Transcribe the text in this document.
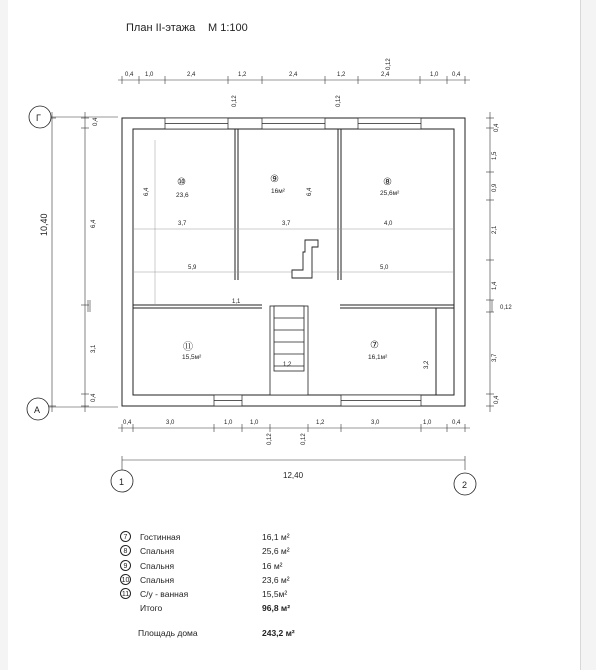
План II-этажа М 1:100
0,4 1,0	2,4	1,2	2,4	1,2	2,4	1,0 0,4
0,12
0,12	0,12
10,40
0,4
6,4
3,1
0,4
0,4
1,5
0,9
2,1
1,4
0,12
3,7
0,4
Г
А
6,4	6,4
3,7	3,7	4,0
5,9	5,0
3,2
1,2
1,1
⑩
23,6
⑨
16м²
⑧
25,6м²
⑪
15,5м²
⑦
16,1м²
0,4	3,0	1,0	1,0	1,2	3,0	1,0	0,4
0,12	0,12
12,40
1	2
7	Гостинная	16,1 м²
8	Спальня	25,6 м²
9	Спальня	16 м²
10 Спальня	23,6 м²
11 С/у - ванная	15,5м²
Итого	96,8 м²
Площадь дома	243,2 м²
